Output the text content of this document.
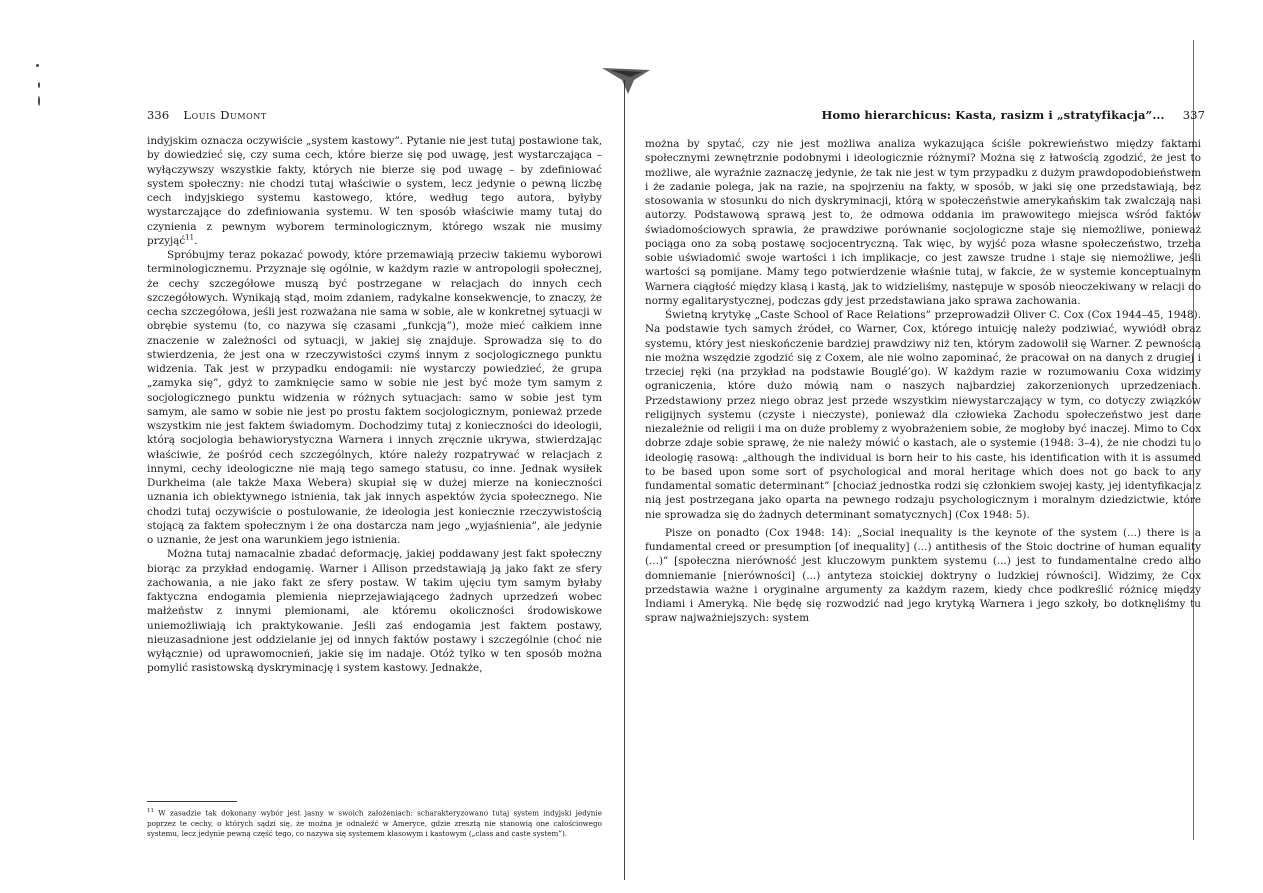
336 Louis Dumont

indyjskim oznacza oczywiście „system kastowy”. Pytanie nie jest tutaj postawione tak, by dowiedzieć się, czy suma cech, które bierze się pod uwagę, jest wystarczająca – wyłączywszy wszystkie fakty, których nie bierze się pod uwagę – by zdefiniować system społeczny: nie chodzi tutaj właściwie o system, lecz jedynie o pewną liczbę cech indyjskiego systemu kastowego, które, według tego autora, byłyby wystarczające do zdefiniowania systemu. W ten sposób właściwie mamy tutaj do czynienia z pewnym wyborem terminologicznym, którego wszak nie musimy przyjąć$^{11}$.

Spróbujmy teraz pokazać powody, które przemawiają przeciw takiemu wyborowi terminologicznemu. Przyznaje się ogólnie, w każdym razie w antropologii społecznej, że cechy szczegółowe muszą być postrzegane w relacjach do innych cech szczegółowych. Wynikają stąd, moim zdaniem, radykalne konsekwencje, to znaczy, że cecha szczegółowa, jeśli jest rozważana nie sama w sobie, ale w konkretnej sytuacji w obrębie systemu (to, co nazywa się czasami „funkcją”), może mieć całkiem inne znaczenie w zależności od sytuacji, w jakiej się znajduje. Sprowadza się to do stwierdzenia, że jest ona w rzeczywistości czymś innym z socjologicznego punktu widzenia. Tak jest w przypadku endogamii: nie wystarczy powiedzieć, że grupa „zamyka się”, gdyż to zamknięcie samo w sobie nie jest być może tym samym z socjologicznego punktu widzenia w różnych sytuacjach: samo w sobie jest tym samym, ale samo w sobie nie jest po prostu faktem socjologicznym, ponieważ przede wszystkim nie jest faktem świadomym. Dochodzimy tutaj z konieczności do ideologii, którą socjologia behawiorystyczna Warnera i innych zręcznie ukrywa, stwierdzając właściwie, że pośród cech szczególnych, które należy rozpatrywać w relacjach z innymi, cechy ideologiczne nie mają tego samego statusu, co inne. Jednak wysiłek Durkheima (ale także Maxa Webera) skupiał się w dużej mierze na konieczności uznania ich obiektywnego istnienia, tak jak innych aspektów życia społecznego. Nie chodzi tutaj oczywiście o postulowanie, że ideologia jest koniecznie rzeczywistością stojącą za faktem społecznym i że ona dostarcza nam jego „wyjaśnienia”, ale jedynie o uznanie, że jest ona warunkiem jego istnienia.

Można tutaj namacalnie zbadać deformację, jakiej poddawany jest fakt społeczny biorąc za przykład endogamię. Warner i Allison przedstawiają ją jako fakt ze sfery zachowania, a nie jako fakt ze sfery postaw. W takim ujęciu tym samym byłaby faktyczna endogamia plemienia nieprzejawiającego żadnych uprzedzeń wobec małżeństw z innymi plemionami, ale któremu okoliczności środowiskowe uniemożliwiają ich praktykowanie. Jeśli zaś endogamia jest faktem postawy, nieuzasadnione jest oddzielanie jej od innych faktów postawy i szczególnie (choć nie wyłącznie) od uprawomocnień, jakie się im nadaje. Otóż tylko w ten sposób można pomylić rasistowską dyskryminację i system kastowy. Jednakże,

$^{11}$ W zasadzie tak dokonany wybór jest jasny w swoich założeniach: scharakteryzowano tutaj system indyjski jedynie poprzez te cechy, o których sądzi się, że można je odnaleźć w Ameryce, gdzie zresztą nie stanowią one całościowego systemu, lecz jedynie pewną część tego, co nazywa się systemem klasowym i kastowym („class and caste system”).
Homo hierarchicus: Kasta, rasizm i „stratyfikacja”... 337

można by spytać, czy nie jest możliwa analiza wykazująca ściśle pokrewieństwo między faktami społecznymi zewnętrznie podobnymi i ideologicznie różnymi? Można się z łatwością zgodzić, że jest to możliwe, ale wyraźnie zaznaczę jedynie, że tak nie jest w tym przypadku z dużym prawdopodobieństwem i że zadanie polega, jak na razie, na spojrzeniu na fakty, w sposób, w jaki się one przedstawiają, bez stosowania w stosunku do nich dyskryminacji, którą w społeczeństwie amerykańskim tak zwalczają nasi autorzy. Podstawową sprawą jest to, że odmowa oddania im prawowitego miejsca wśród faktów świadomościowych sprawia, że prawdziwe porównanie socjologiczne staje się niemożliwe, ponieważ pociąga ono za sobą postawę socjocentryczną. Tak więc, by wyjść poza własne społeczeństwo, trzeba sobie uświadomić swoje wartości i ich implikacje, co jest zawsze trudne i staje się niemożliwe, jeśli wartości są pomijane. Mamy tego potwierdzenie właśnie tutaj, w fakcie, że w systemie konceptualnym Warnera ciągłość między klasą i kastą, jak to widzieliśmy, następuje w sposób nieoczekiwany w relacji do normy egalitarystycznej, podczas gdy jest przedstawiana jako sprawa zachowania.

Świetną krytykę „Caste School of Race Relations” przeprowadził Oliver C. Cox (Cox 1944–45, 1948). Na podstawie tych samych źródeł, co Warner, Cox, którego intuicję należy podziwiać, wywiódł obraz systemu, który jest nieskończenie bardziej prawdziwy niż ten, którym zadowolił się Warner. Z pewnością nie można wszędzie zgodzić się z Coxem, ale nie wolno zapominać, że pracował on na danych z drugiej i trzeciej ręki (na przykład na podstawie Bouglé’go). W każdym razie w rozumowaniu Coxa widzimy ograniczenia, które dużo mówią nam o naszych najbardziej zakorzenionych uprzedzeniach. Przedstawiony przez niego obraz jest przede wszystkim niewystarczający w tym, co dotyczy związków religijnych systemu (czyste i nieczyste), ponieważ dla człowieka Zachodu społeczeństwo jest dane niezależnie od religii i ma on duże problemy z wyobrażeniem sobie, że mogłoby być inaczej. Mimo to Cox dobrze zdaje sobie sprawę, że nie należy mówić o kastach, ale o systemie (1948: 3–4), że nie chodzi tu o ideologię rasową: „although the individual is born heir to his caste, his identification with it is assumed to be based upon some sort of psychological and moral heritage which does not go back to any fundamental somatic determinant” [chociaż jednostka rodzi się członkiem swojej kasty, jej identyfikacja z nią jest postrzegana jako oparta na pewnego rodzaju psychologicznym i moralnym dziedzictwie, które nie sprowadza się do żadnych determinant somatycznych] (Cox 1948: 5).

Pisze on ponadto (Cox 1948: 14): „Social inequality is the keynote of the system (...) there is a fundamental creed or presumption [of inequality] (...) antithesis of the Stoic doctrine of human equality (...)” [społeczna nierówność jest kluczowym punktem systemu (...) jest to fundamentalne credo albo domniemanie [nierówności] (...) antyteza stoickiej doktryny o ludzkiej równości]. Widzimy, że Cox przedstawia ważne i oryginalne argumenty za każdym razem, kiedy chce podkreślić różnicę między Indiami i Ameryką. Nie będę się rozwodzić nad jego krytyką Warnera i jego szkoły, bo dotknęliśmy tu spraw najważniejszych: system
